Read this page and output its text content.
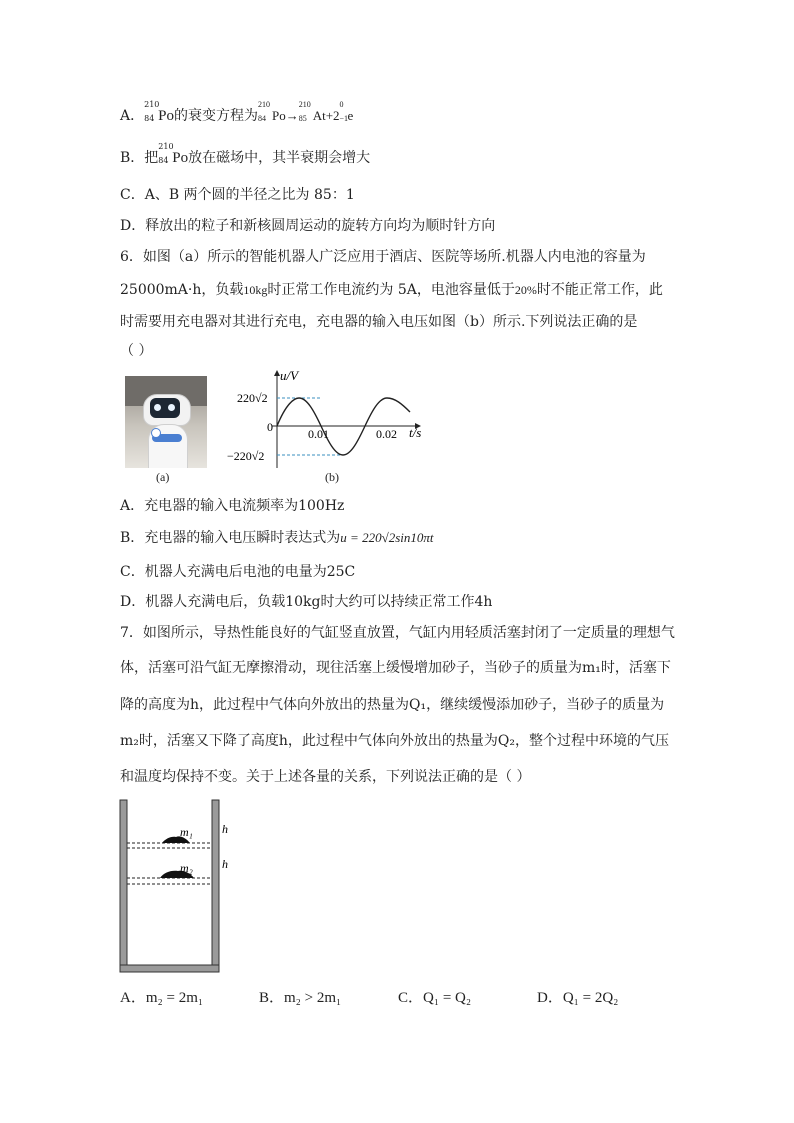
A．
210
84 Po的衰变方程为
210
84 Po→
210
85 At+2
0
−1 e
B．把
210
84 Po放在磁场中，其半衰期会增大
C．A、B 两个圆的半径之比为 85：1
D．释放出的粒子和新核圆周运动的旋转方向均为顺时针方向
6．如图（a）所示的智能机器人广泛应用于酒店、医院等场所.机器人内电池的容量为
25000mA·h，负载10kg时正常工作电流约为 5A，电池容量低于20%时不能正常工作，此
时需要用充电器对其进行充电，充电器的输入电压如图（b）所示.下列说法正确的是
（ ）
(a)
u/V
t/s
220√2
−220√2
0	0.01	0.02
(b)
A．充电器的输入电流频率为100Hz
B．充电器的输入电压瞬时表达式为u = 220√2sin10πt
C．机器人充满电后电池的电量为25C
D．机器人充满电后，负载10kg时大约可以持续正常工作4h
7．如图所示，导热性能良好的气缸竖直放置，气缸内用轻质活塞封闭了一定质量的理想气
体，活塞可沿气缸无摩擦滑动，现往活塞上缓慢增加砂子，当砂子的质量为m₁时，活塞下
降的高度为h，此过程中气体向外放出的热量为Q₁，继续缓慢添加砂子，当砂子的质量为
m₂时，活塞又下降了高度h，此过程中气体向外放出的热量为Q₂，整个过程中环境的气压
和温度均保持不变。关于上述各量的关系，下列说法正确的是（ ）
m₁
m₂
h
h
A．m₂ = 2m₁	B．m₂ > 2m₁	C．Q₁ = Q₂	D．Q₁ = 2Q₂
